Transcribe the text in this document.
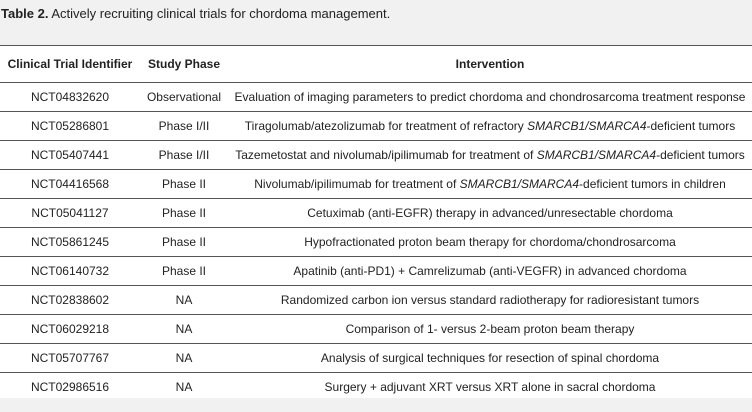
Table 2. Actively recruiting clinical trials for chordoma management.
Clinical Trial Identifier	Study Phase	Intervention
NCT04832620	Observational	Evaluation of imaging parameters to predict chordoma and chondrosarcoma treatment response
NCT05286801	Phase I/II	Tiragolumab/atezolizumab for treatment of refractory SMARCB1/SMARCA4-deficient tumors
NCT05407441	Phase I/II	Tazemetostat and nivolumab/ipilimumab for treatment of SMARCB1/SMARCA4-deficient tumors
NCT04416568	Phase II	Nivolumab/ipilimumab for treatment of SMARCB1/SMARCA4-deficient tumors in children
NCT05041127	Phase II	Cetuximab (anti-EGFR) therapy in advanced/unresectable chordoma
NCT05861245	Phase II	Hypofractionated proton beam therapy for chordoma/chondrosarcoma
NCT06140732	Phase II	Apatinib (anti-PD1) + Camrelizumab (anti-VEGFR) in advanced chordoma
NCT02838602	NA	Randomized carbon ion versus standard radiotherapy for radioresistant tumors
NCT06029218	NA	Comparison of 1- versus 2-beam proton beam therapy
NCT05707767	NA	Analysis of surgical techniques for resection of spinal chordoma
NCT02986516	NA	Surgery + adjuvant XRT versus XRT alone in sacral chordoma
